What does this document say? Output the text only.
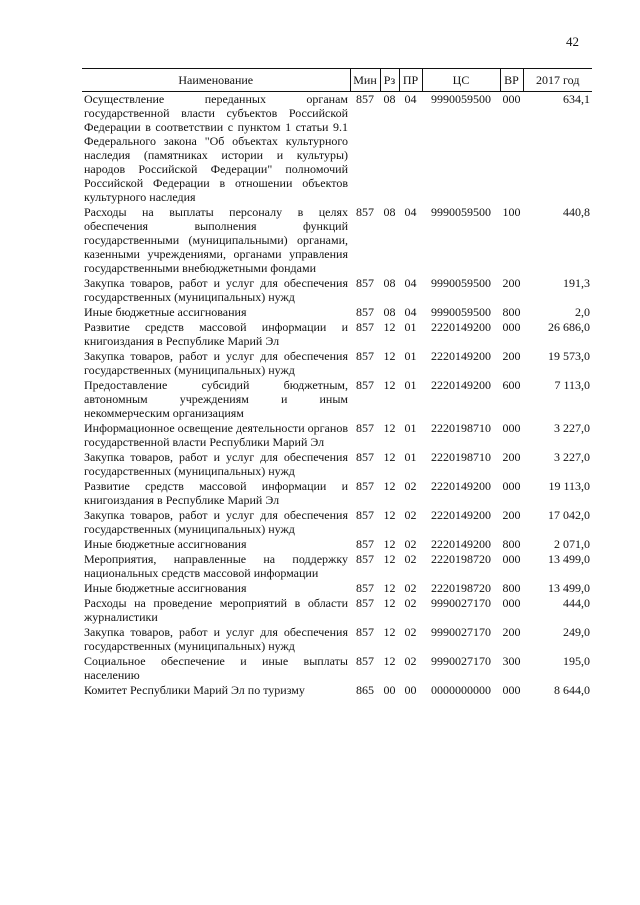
42
Наименование	Мин	Рз	ПР	ЦС	ВР	2017 год
Осуществление переданных органам государственной власти субъектов Российской Федерации в соответствии с пунктом 1 статьи 9.1 Федерального закона "Об объектах культурного наследия (памятниках истории и культуры) народов Российской Федерации" полномочий Российской Федерации в отношении объектов культурного наследия	857	08	04	9990059500	000	634,1
Расходы на выплаты персоналу в целях обеспечения выполнения функций государственными (муниципальными) органами, казенными учреждениями, органами управления государственными внебюджетными фондами	857	08	04	9990059500	100	440,8
Закупка товаров, работ и услуг для обеспечения государственных (муниципальных) нужд	857	08	04	9990059500	200	191,3
Иные бюджетные ассигнования	857	08	04	9990059500	800	2,0
Развитие средств массовой информации и книгоиздания в Республике Марий Эл	857	12	01	2220149200	000	26 686,0
Закупка товаров, работ и услуг для обеспечения государственных (муниципальных) нужд	857	12	01	2220149200	200	19 573,0
Предоставление субсидий бюджетным, автономным учреждениям и иным некоммерческим организациям	857	12	01	2220149200	600	7 113,0
Информационное освещение деятельности органов государственной власти Республики Марий Эл	857	12	01	2220198710	000	3 227,0
Закупка товаров, работ и услуг для обеспечения государственных (муниципальных) нужд	857	12	01	2220198710	200	3 227,0
Развитие средств массовой информации и книгоиздания в Республике Марий Эл	857	12	02	2220149200	000	19 113,0
Закупка товаров, работ и услуг для обеспечения государственных (муниципальных) нужд	857	12	02	2220149200	200	17 042,0
Иные бюджетные ассигнования	857	12	02	2220149200	800	2 071,0
Мероприятия, направленные на поддержку национальных средств массовой информации	857	12	02	2220198720	000	13 499,0
Иные бюджетные ассигнования	857	12	02	2220198720	800	13 499,0
Расходы на проведение мероприятий в области журналистики	857	12	02	9990027170	000	444,0
Закупка товаров, работ и услуг для обеспечения государственных (муниципальных) нужд	857	12	02	9990027170	200	249,0
Социальное обеспечение и иные выплаты населению	857	12	02	9990027170	300	195,0
Комитет Республики Марий Эл по туризму	865	00	00	0000000000	000	8 644,0
